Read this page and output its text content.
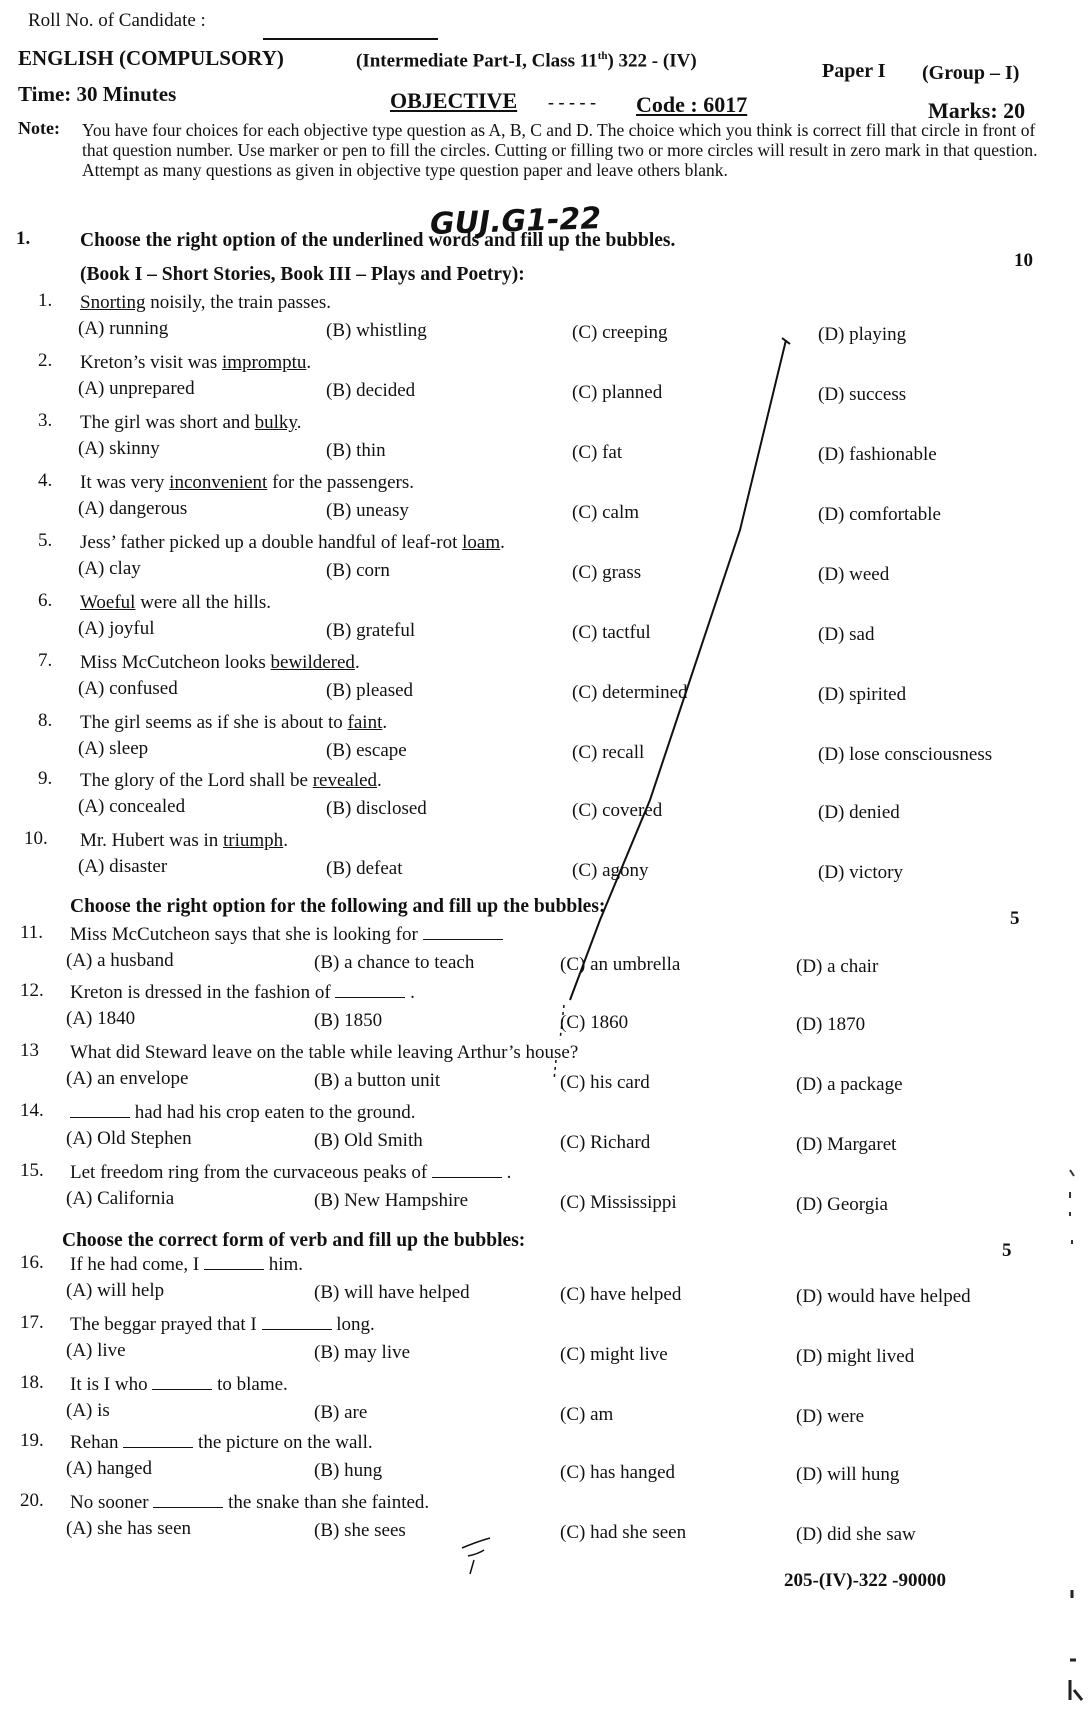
Roll No. of Candidate :
ENGLISH (COMPULSORY)	(Intermediate Part-I, Class 11th) 322 - (IV)	Paper I (Group – I)
Time: 30 Minutes	OBJECTIVE - - - - - Code : 6017	Marks: 20
Note: You have four choices for each objective type question as A, B, C and D. The choice which you think is correct fill that circle in front of that question number. Use marker or pen to fill the circles. Cutting or filling two or more circles will result in zero mark in that question. Attempt as many questions as given in objective type question paper and leave others blank.
GUJ.G1-22
1.	Choose the right option of the underlined words and fill up the bubbles.
(Book I – Short Stories, Book III – Plays and Poetry):
10
1. Snorting noisily, the train passes.
(A) running	(B) whistling	(C) creeping	(D) playing
2. Kreton’s visit was impromptu.
(A) unprepared	(B) decided	(C) planned	(D) success
3. The girl was short and bulky.
(A) skinny	(B) thin	(C) fat	(D) fashionable
4. It was very inconvenient for the passengers.
(A) dangerous	(B) uneasy	(C) calm	(D) comfortable
5. Jess’ father picked up a double handful of leaf-rot loam.
(A) clay	(B) corn	(C) grass	(D) weed
6. Woeful were all the hills.
(A) joyful	(B) grateful	(C) tactful	(D) sad
7. Miss McCutcheon looks bewildered.
(A) confused	(B) pleased	(C) determined	(D) spirited
8. The girl seems as if she is about to faint.
(A) sleep	(B) escape	(C) recall	(D) lose consciousness
9. The glory of the Lord shall be revealed.
(A) concealed	(B) disclosed	(C) covered	(D) denied
10. Mr. Hubert was in triumph.
(A) disaster	(B) defeat	(C) agony	(D) victory
11. Miss McCutcheon says that she is looking for
(A) a husband	(B) a chance to teach	(C) an umbrella	(D) a chair
12. Kreton is dressed in the fashion of	.
(A) 1840	(B) 1850	(C) 1860	(D) 1870
13 What did Steward leave on the table while leaving Arthur’s house?
(A) an envelope	(B) a button unit	(C) his card	(D) a package
14.	had had his crop eaten to the ground.
(A) Old Stephen	(B) Old Smith	(C) Richard	(D) Margaret
15. Let freedom ring from the curvaceous peaks of	.
(A) California	(B) New Hampshire	(C) Mississippi	(D) Georgia
16. If he had come, I	him.
(A) will help	(B) will have helped	(C) have helped	(D) would have helped
17. The beggar prayed that I	long.
(A) live	(B) may live	(C) might live	(D) might lived
18. It is I who	to blame.
(A) is	(B) are	(C) am	(D) were
19. Rehan	the picture on the wall.
(A) hanged	(B) hung	(C) has hanged	(D) will hung
20. No sooner	the snake than she fainted.
(A) she has seen	(B) she sees	(C) had she seen	(D) did she saw
Choose the right option for the following and fill up the bubbles:
5
Choose the correct form of verb and fill up the bubbles:	5
205-(IV)-322 -90000
